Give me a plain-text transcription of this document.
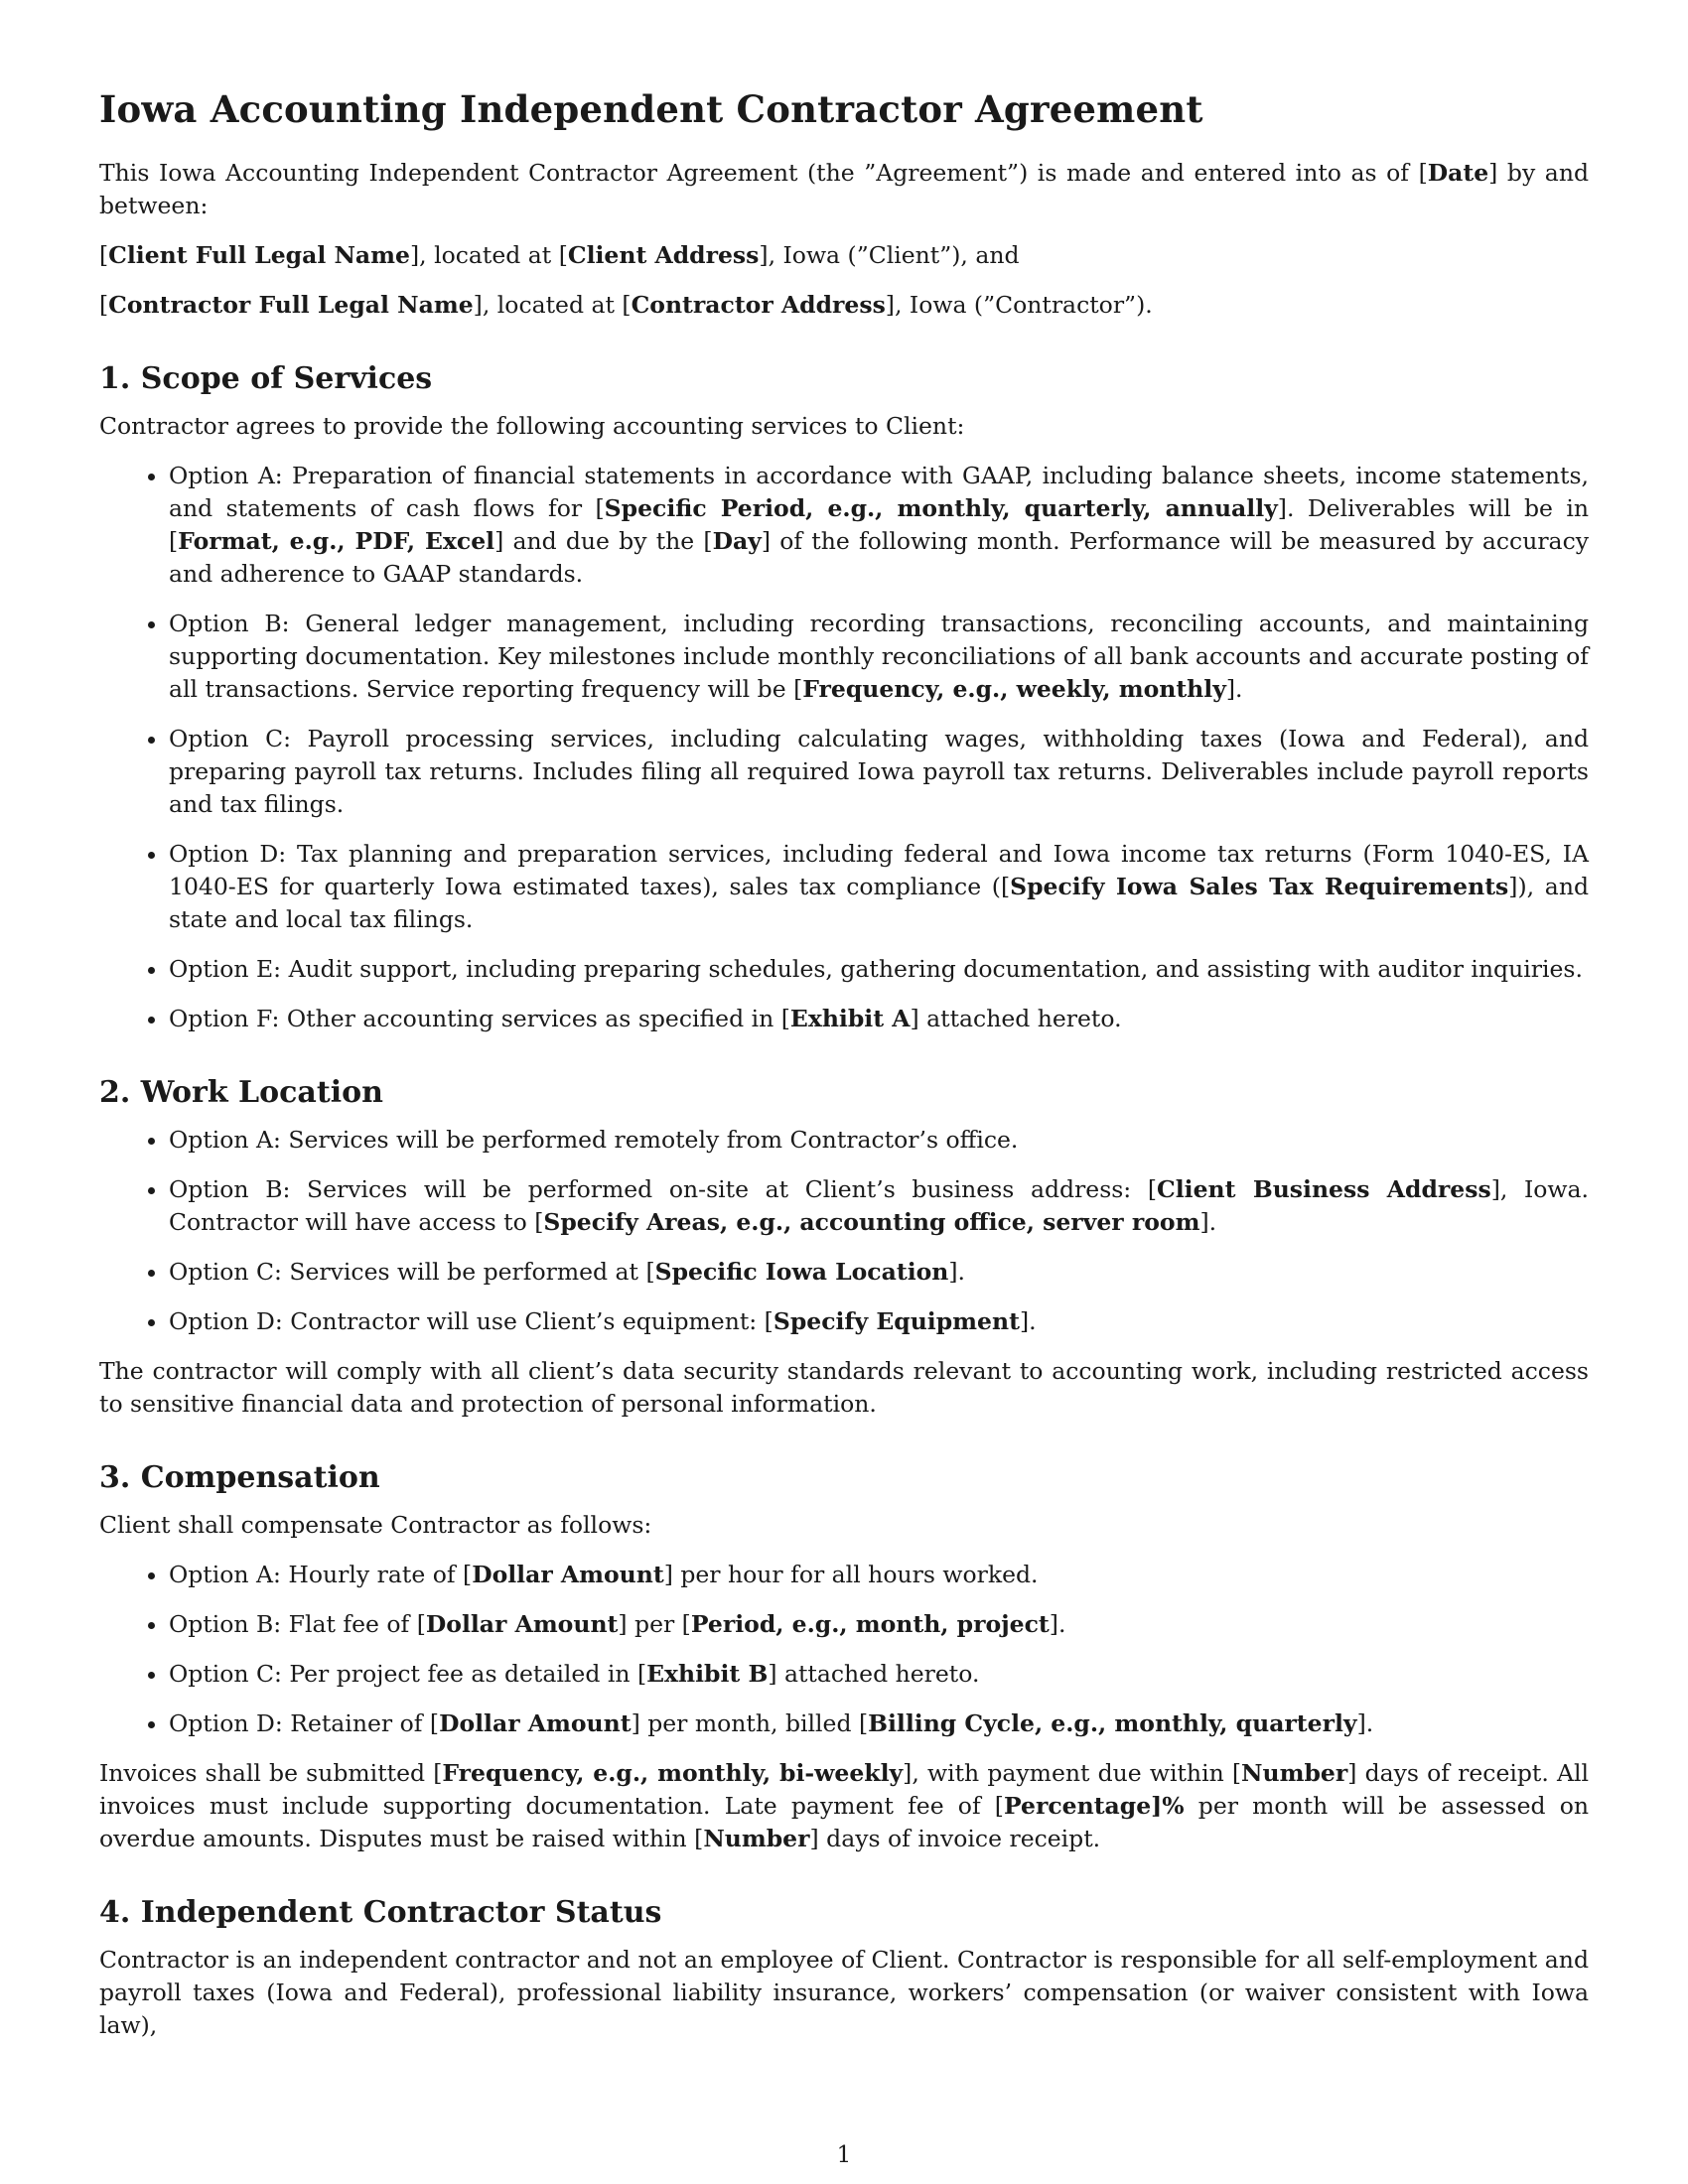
Iowa Accounting Independent Contractor Agreement

This Iowa Accounting Independent Contractor Agreement (the ”Agreement”) is made and entered into as of [Date] by and between:

[Client Full Legal Name], located at [Client Address], Iowa (”Client”), and

[Contractor Full Legal Name], located at [Contractor Address], Iowa (”Contractor”).

1. Scope of Services

Contractor agrees to provide the following accounting services to Client:

• Option A: Preparation of financial statements in accordance with GAAP, including balance sheets, income statements, and statements of cash flows for [Specific Period, e.g., monthly, quarterly, annually]. Deliverables will be in [Format, e.g., PDF, Excel] and due by the [Day] of the following month. Performance will be measured by accuracy and adherence to GAAP standards.
• Option B: General ledger management, including recording transactions, reconciling accounts, and maintaining supporting documentation. Key milestones include monthly reconciliations of all bank accounts and accurate posting of all transactions. Service reporting frequency will be [Frequency, e.g., weekly, monthly].
• Option C: Payroll processing services, including calculating wages, withholding taxes (Iowa and Federal), and preparing payroll tax returns. Includes filing all required Iowa payroll tax returns. Deliverables include payroll reports and tax filings.
• Option D: Tax planning and preparation services, including federal and Iowa income tax returns (Form 1040-ES, IA 1040-ES for quarterly Iowa estimated taxes), sales tax compliance ([Specify Iowa Sales Tax Requirements]), and state and local tax filings.
• Option E: Audit support, including preparing schedules, gathering documentation, and assisting with auditor inquiries.
• Option F: Other accounting services as specified in [Exhibit A] attached hereto.
2. Work Location
• Option A: Services will be performed remotely from Contractor’s office.
• Option B: Services will be performed on-site at Client’s business address: [Client Business Address], Iowa. Contractor will have access to [Specify Areas, e.g., accounting office, server room].
• Option C: Services will be performed at [Specific Iowa Location].
• Option D: Contractor will use Client’s equipment: [Specify Equipment].

The contractor will comply with all client’s data security standards relevant to accounting work, including restricted access to sensitive financial data and protection of personal information.

3. Compensation

Client shall compensate Contractor as follows:

• Option A: Hourly rate of [Dollar Amount] per hour for all hours worked.
• Option B: Flat fee of [Dollar Amount] per [Period, e.g., month, project].
• Option C: Per project fee as detailed in [Exhibit B] attached hereto.
• Option D: Retainer of [Dollar Amount] per month, billed [Billing Cycle, e.g., monthly, quarterly].

Invoices shall be submitted [Frequency, e.g., monthly, bi-weekly], with payment due within [Number] days of receipt. All invoices must include supporting documentation. Late payment fee of [Percentage]% per month will be assessed on overdue amounts. Disputes must be raised within [Number] days of invoice receipt.

4. Independent Contractor Status

Contractor is an independent contractor and not an employee of Client. Contractor is responsible for all self-employment and payroll taxes (Iowa and Federal), professional liability insurance, workers’ compensation (or waiver consistent with Iowa law),

1
